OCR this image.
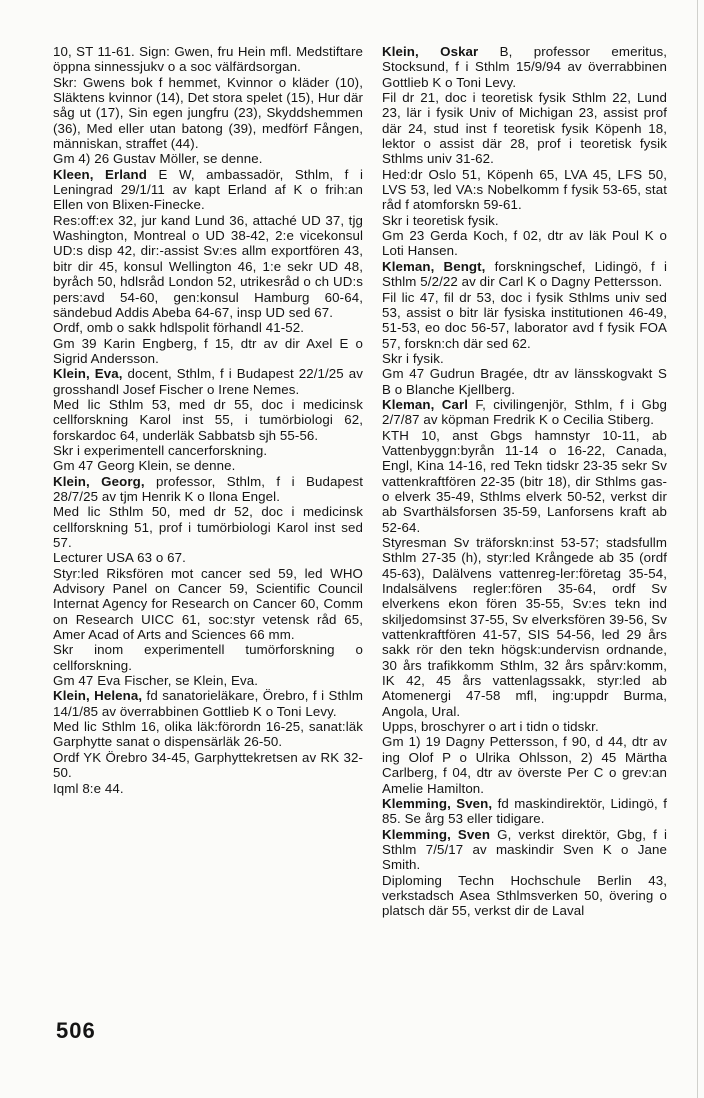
10, ST 11-61. Sign: Gwen, fru Hein mfl. Medstiftare öppna sinnessjukv o a soc välfärdsorgan.

Skr: Gwens bok f hemmet, Kvinnor o kläder (10), Släktens kvinnor (14), Det stora spelet (15), Hur där såg ut (17), Sin egen jungfru (23), Skyddshemmen (36), Med eller utan batong (39), medförf Fången, människan, straffet (44).

Gm 4) 26 Gustav Möller, se denne.

Kleen, Erland E W, ambassadör, Sthlm, f i Leningrad 29/1/11 av kapt Erland af K o frih:an Ellen von Blixen-Finecke.

Res:off:ex 32, jur kand Lund 36, attaché UD 37, tjg Washington, Montreal o UD 38-42, 2:e vicekonsul UD:s disp 42, dir:-assist Sv:es allm exportfören 43, bitr dir 45, konsul Wellington 46, 1:e sekr UD 48, byråch 50, hdlsråd London 52, utrikesråd o ch UD:s pers:avd 54-60, gen:konsul Hamburg 60-64, sändebud Addis Abeba 64-67, insp UD sed 67.

Ordf, omb o sakk hdlspolit förhandl 41-52.

Gm 39 Karin Engberg, f 15, dtr av dir Axel E o Sigrid Andersson.

Klein, Eva, docent, Sthlm, f i Budapest 22/1/25 av grosshandl Josef Fischer o Irene Nemes.

Med lic Sthlm 53, med dr 55, doc i medicinsk cellforskning Karol inst 55, i tumörbiologi 62, forskardoc 64, underläk Sabbatsb sjh 55-56.

Skr i experimentell cancerforskning.

Gm 47 Georg Klein, se denne.

Klein, Georg, professor, Sthlm, f i Budapest 28/7/25 av tjm Henrik K o Ilona Engel.

Med lic Sthlm 50, med dr 52, doc i medicinsk cellforskning 51, prof i tumörbiologi Karol inst sed 57.

Lecturer USA 63 o 67.

Styr:led Riksfören mot cancer sed 59, led WHO Advisory Panel on Cancer 59, Scientific Council Internat Agency for Research on Cancer 60, Comm on Research UICC 61, soc:styr vetensk råd 65, Amer Acad of Arts and Sciences 66 mm.

Skr inom experimentell tumörforskning o cellforskning.

Gm 47 Eva Fischer, se Klein, Eva.

Klein, Helena, fd sanatorieläkare, Örebro, f i Sthlm 14/1/85 av överrabbinen Gottlieb K o Toni Levy.

Med lic Sthlm 16, olika läk:förordn 16-25, sanat:läk Garphytte sanat o dispensärläk 26-50.

Ordf YK Örebro 34-45, Garphyttekretsen av RK 32-50.

Iqml 8:e 44.

Klein, Oskar B, professor emeritus, Stocksund, f i Sthlm 15/9/94 av överrabbinen Gottlieb K o Toni Levy.

Fil dr 21, doc i teoretisk fysik Sthlm 22, Lund 23, lär i fysik Univ of Michigan 23, assist prof där 24, stud inst f teoretisk fysik Köpenh 18, lektor o assist där 28, prof i teoretisk fysik Sthlms univ 31-62.

Hed:dr Oslo 51, Köpenh 65, LVA 45, LFS 50, LVS 53, led VA:s Nobelkomm f fysik 53-65, stat råd f atomforskn 59-61.

Skr i teoretisk fysik.

Gm 23 Gerda Koch, f 02, dtr av läk Poul K o Loti Hansen.

Kleman, Bengt, forskningschef, Lidingö, f i Sthlm 5/2/22 av dir Carl K o Dagny Pettersson.

Fil lic 47, fil dr 53, doc i fysik Sthlms univ sed 53, assist o bitr lär fysiska institutionen 46-49, 51-53, eo doc 56-57, laborator avd f fysik FOA 57, forskn:ch där sed 62.

Skr i fysik.

Gm 47 Gudrun Bragée, dtr av länsskogvakt S B o Blanche Kjellberg.

Kleman, Carl F, civilingenjör, Sthlm, f i Gbg 2/7/87 av köpman Fredrik K o Cecilia Stiberg.

KTH 10, anst Gbgs hamnstyr 10-11, ab Vattenbyggn:byrån 11-14 o 16-22, Canada, Engl, Kina 14-16, red Tekn tidskr 23-35 sekr Sv vattenkraftfören 22-35 (bitr 18), dir Sthlms gas- o elverk 35-49, Sthlms elverk 50-52, verkst dir ab Svarthälsforsen 35-59, Lanforsens kraft ab 52-64.

Styresman Sv träforskn:inst 53-57; stadsfullm Sthlm 27-35 (h), styr:led Krångede ab 35 (ordf 45-63), Dalälvens vattenreg-ler:företag 35-54, Indalsälvens regler:fören 35-64, ordf Sv elverkens ekon fören 35-55, Sv:es tekn ind skiljedomsinst 37-55, Sv elverksfören 39-56, Sv vattenkraftfören 41-57, SIS 54-56, led 29 års sakk rör den tekn högsk:undervisn ordnande, 30 års trafikkomm Sthlm, 32 års spårv:komm, IK 42, 45 års vattenlagssakk, styr:led ab Atomenergi 47-58 mfl, ing:uppdr Burma, Angola, Ural.

Upps, broschyrer o art i tidn o tidskr.

Gm 1) 19 Dagny Pettersson, f 90, d 44, dtr av ing Olof P o Ulrika Ohlsson, 2) 45 Märtha Carlberg, f 04, dtr av överste Per C o grev:an Amelie Hamilton.

Klemming, Sven, fd maskindirektör, Lidingö, f 85. Se årg 53 eller tidigare.

Klemming, Sven G, verkst direktör, Gbg, f i Sthlm 7/5/17 av maskindir Sven K o Jane Smith.

Diploming Techn Hochschule Berlin 43, verkstadsch Asea Sthlmsverken 50, övering o platsch där 55, verkst dir de Laval

506
